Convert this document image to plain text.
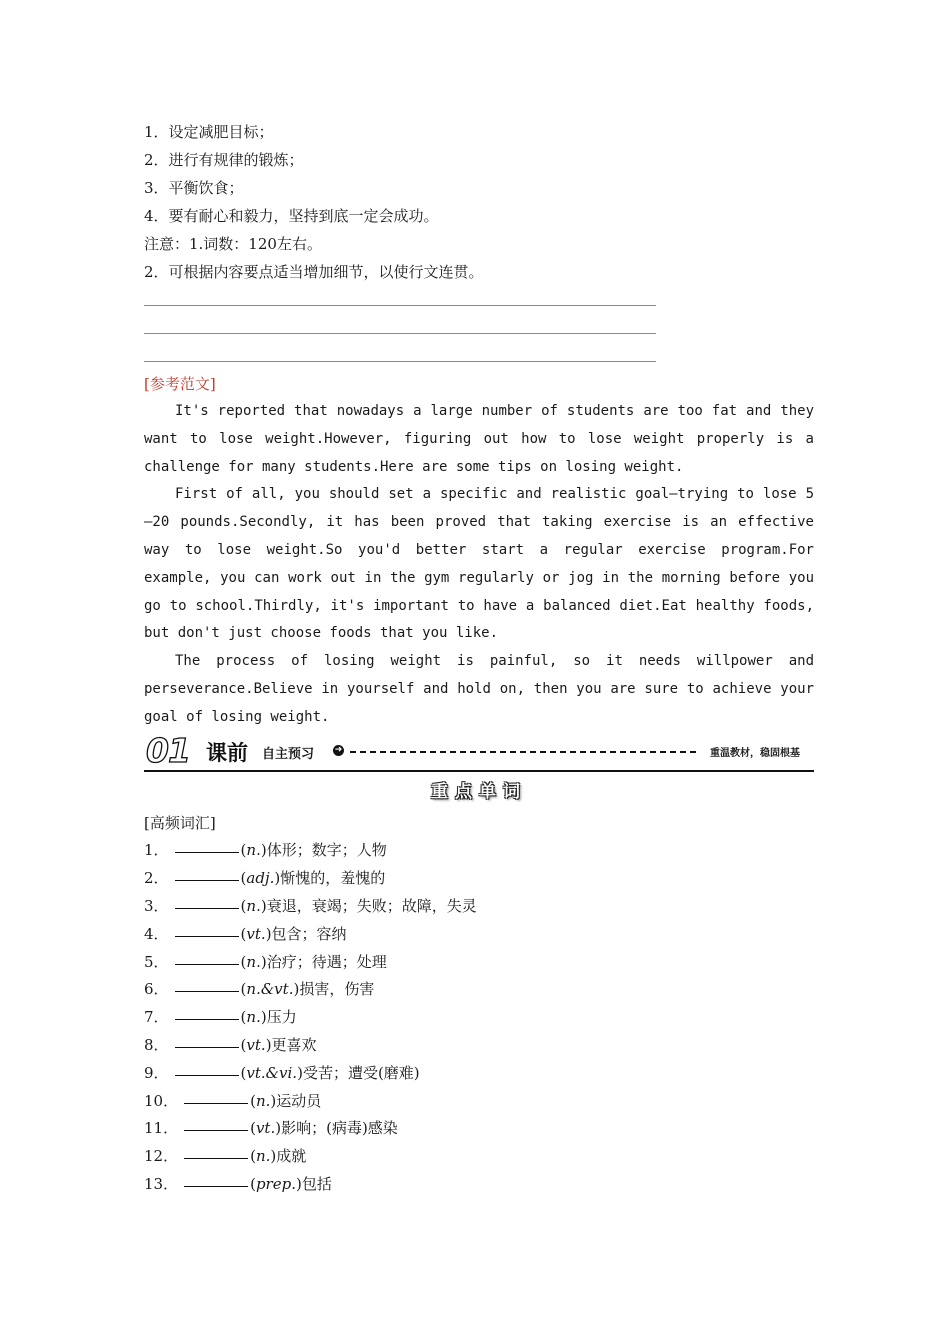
1．设定减肥目标；
2．进行有规律的锻炼；
3．平衡饮食；
4．要有耐心和毅力，坚持到底一定会成功。
注意：1.词数：120左右。
2．可根据内容要点适当增加细节，以使行文连贯。
[参考范文]

It's reported that nowadays a large number of students are too fat and they want to lose weight.However, figuring out how to lose weight properly is a challenge for many students.Here are some tips on losing weight.

First of all, you should set a specific and realistic goal—trying to lose 5—20 pounds.Secondly, it has been proved that taking exercise is an effective way to lose weight.So you'd better start a regular exercise program.For example, you can work out in the gym regularly or jog in the morning before you go to school.Thirdly, it's important to have a balanced diet.Eat healthy foods, but don't just choose foods that you like.

The process of losing weight is painful, so it needs willpower and perseverance.Believe in yourself and hold on, then you are sure to achieve your goal of losing weight.

01 课前 自主预习 ➜	重温教材，稳固根基
重点单词
[高频词汇]
1．	(n.)体形；数字；人物
2．	(adj.)惭愧的，羞愧的
3．	(n.)衰退，衰竭；失败；故障，失灵
4．	(vt.)包含；容纳
5．	(n.)治疗；待遇；处理
6．	(n.&vt.)损害，伤害
7．	(n.)压力
8．	(vt.)更喜欢
9．	(vt.&vi.)受苦；遭受(磨难)
10．	(n.)运动员
11．	(vt.)影响；(病毒)感染
12．	(n.)成就
13．	(prep.)包括
